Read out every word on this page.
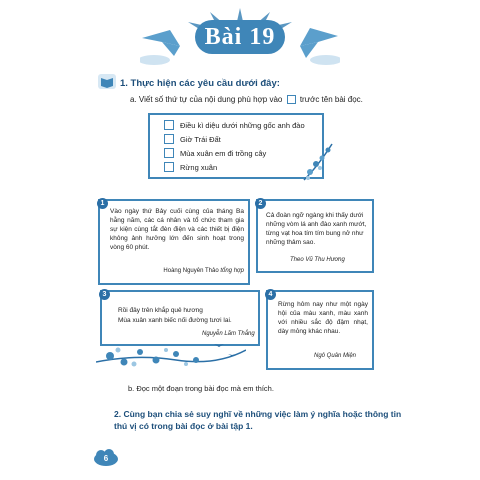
Bài 19
1. Thực hiện các yêu cầu dưới đây:
a. Viết số thứ tự của nội dung phù hợp vào trước tên bài đọc.
Điều kì diệu dưới những gốc anh đào
Giờ Trái Đất
Mùa xuân em đi trồng cây
Rừng xuân
1

Vào ngày thứ Bảy cuối cùng của tháng Ba hằng năm, các cá nhân và tổ chức tham gia sự kiện cùng tắt đèn điện và các thiết bị điện không ảnh hưởng lớn đến sinh hoạt trong vòng 60 phút.

Hoàng Nguyên Thảo tổng hợp
2

Cả đoàn ngỡ ngàng khi thấy dưới những vòm lá anh đào xanh mướt, từng vạt hoa tím tím bung nở như những thảm sao.

Theo Vũ Thu Hương
3

Rồi đây trên khắp quê hương

Mùa xuân xanh biếc nối đường tươi lai.

Nguyễn Lãm Thắng
4

Rừng hôm nay như một ngày hội của màu xanh, màu xanh với nhiều sắc độ đậm nhạt, dày mỏng khác nhau.

Ngô Quân Miện
b. Đọc một đoạn trong bài đọc mà em thích.
2. Cùng bạn chia sẻ suy nghĩ về những việc làm ý nghĩa hoặc thông tin thú vị có trong bài đọc ở bài tập 1.
6
